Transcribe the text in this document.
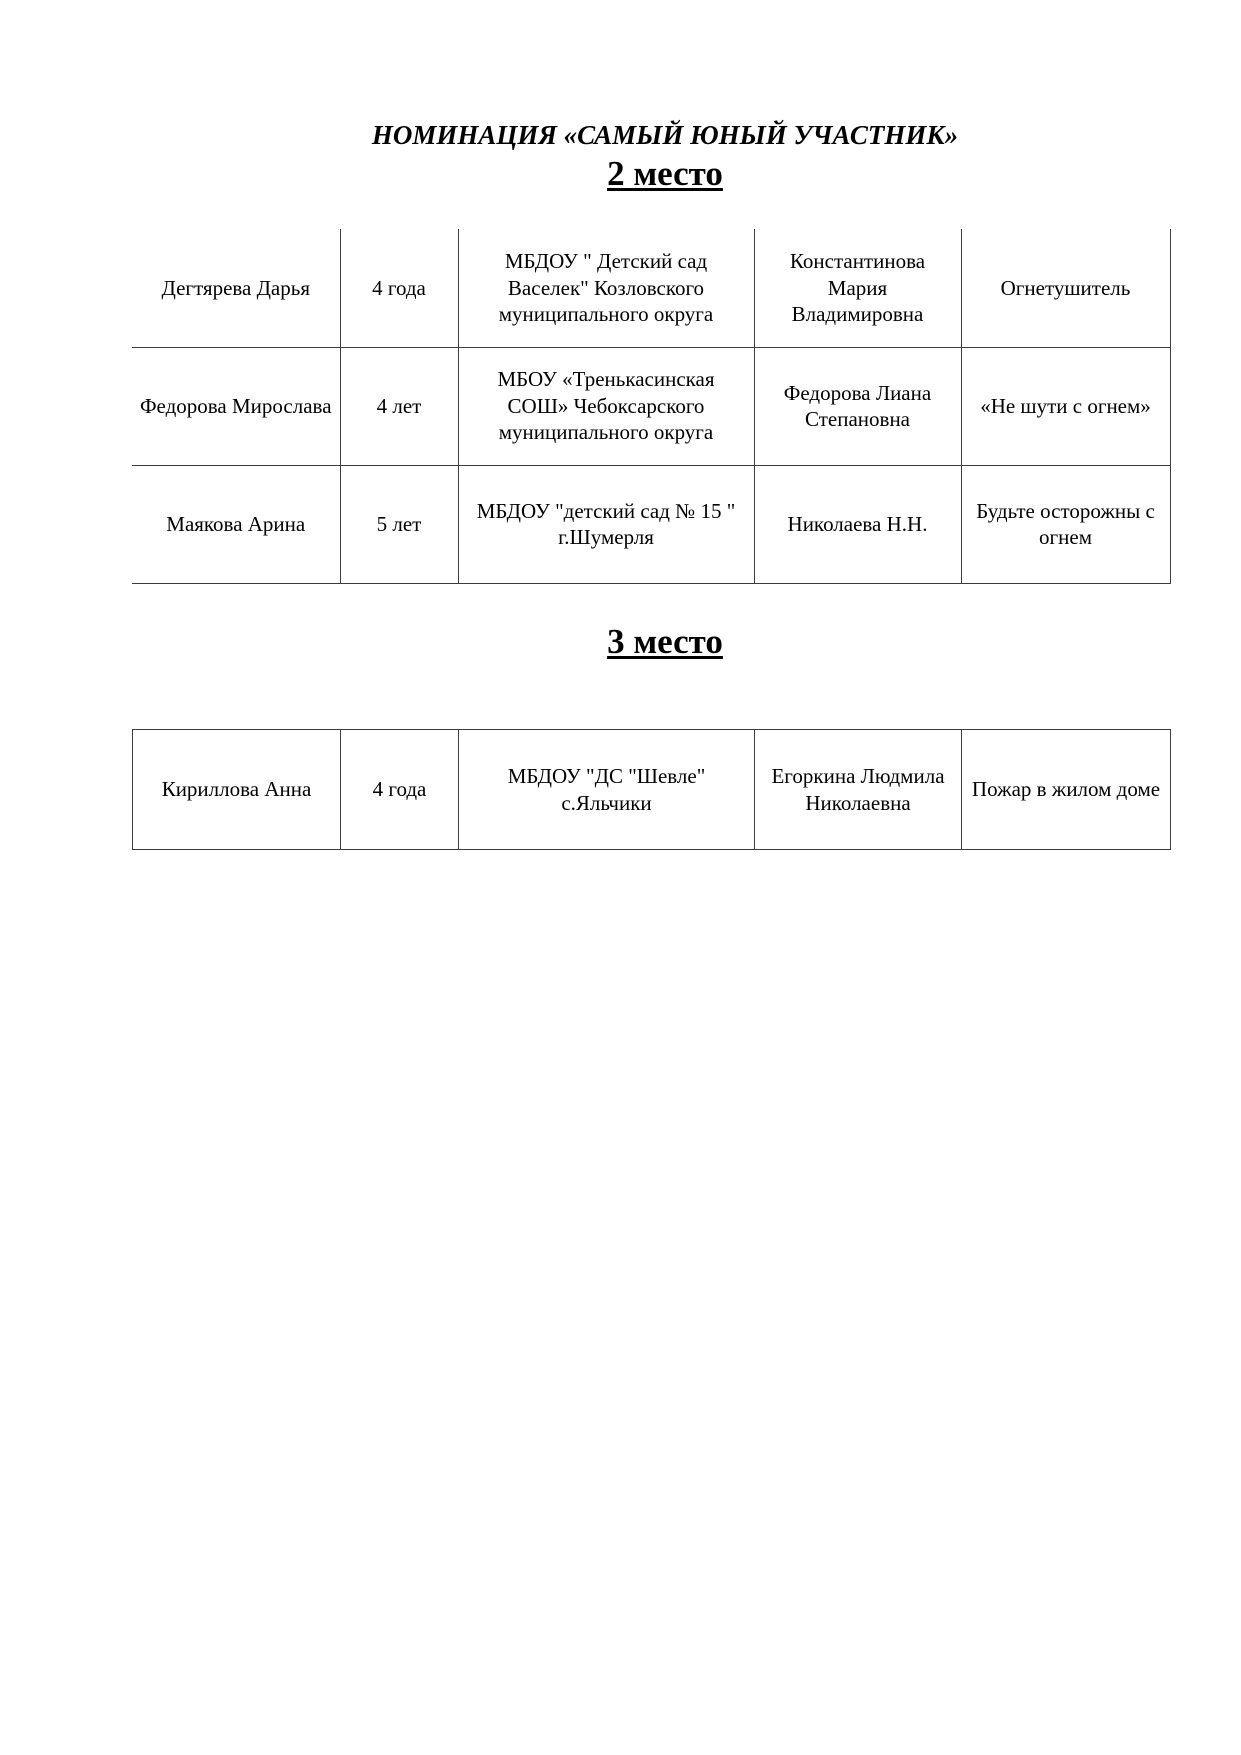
НОМИНАЦИЯ «САМЫЙ ЮНЫЙ УЧАСТНИК»
2 место
Дегтярева Дарья	4 года	МБДОУ " Детский сад Васелек" Козловского муниципального округа	Константинова Мария Владимировна	Огнетушитель
Федорова Мирослава	4 лет	МБОУ «Тренькасинская СОШ» Чебоксарского муниципального округа	Федорова Лиана Степановна	«Не шути с огнем»
Маякова Арина	5 лет	МБДОУ "детский сад № 15 " г.Шумерля	Николаева Н.Н.	Будьте осторожны с огнем
3 место
Кириллова Анна	4 года	МБДОУ "ДС "Шевле" с.Яльчики	Егоркина Людмила Николаевна	Пожар в жилом доме
